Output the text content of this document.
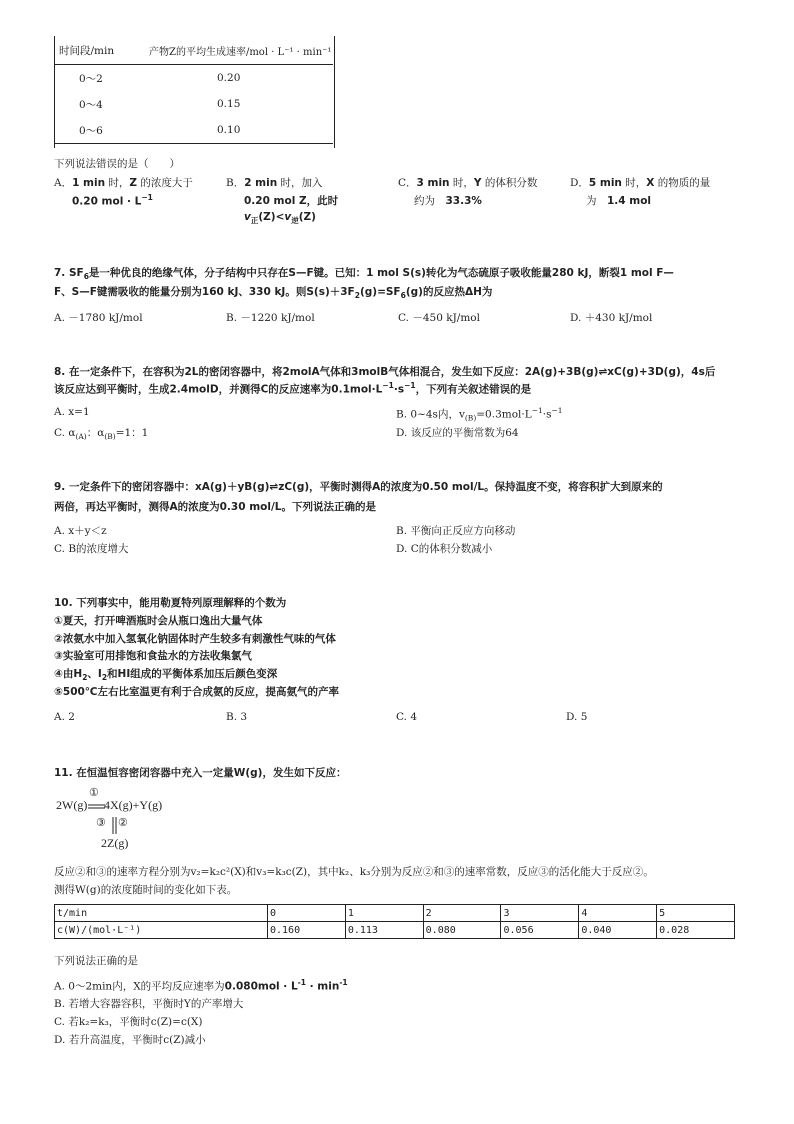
时间段/min	产物Z的平均生成速率/mol · L⁻¹ · min⁻¹
0～2	0.20
0～4	0.15
0～6	0.10
下列说法错误的是（　　）
A．1 min 时，Z 的浓度大于
0.20 mol · $L^{-1}$
B．2 min 时，加入
0.20 mol Z，此时
$v_正(Z)<v_逆(Z)$
C．3 min 时，Y 的体积分数
约为　 33.3%
D．5 min 时，X 的物质的量
为　 1.4 mol
7. $SF_6$是一种优良的绝缘气体，分子结构中只存在S—F键。已知：1 mol S(s)转化为气态硫原子吸收能量280 kJ，断裂1 mol F—
F、S—F键需吸收的能量分别为160 kJ、330 kJ。则$S(s)+3F_2(g)=SF_6(g)$的反应热ΔH为
A. －1780 kJ/mol	B. －1220 kJ/mol	C. －450 kJ/mol	D. ＋430 kJ/mol
8. 在一定条件下，在容积为2L的密闭容器中，将2molA气体和3molB气体相混合，发生如下反应：2A(g)+3B(g)⇌xC(g)+3D(g)，4s后
该反应达到平衡时，生成2.4molD，并测得C的反应速率为$0.1mol\cdot L^{-1}\cdot s^{-1}$，下列有关叙述错误的是
A. x=1	B. 0~4s内，$v_{(B)}=0.3mol\cdot L^{-1}\cdot s^{-1}$
C. $\alpha_{(A)}$：$\alpha_{(B)}=1$：1	D. 该反应的平衡常数为64
9. 一定条件下的密闭容器中：xA(g)＋yB(g)⇌zC(g)，平衡时测得A的浓度为0.50 mol/L。保持温度不变，将容积扩大到原来的
两倍，再达平衡时，测得A的浓度为0.30 mol/L。下列说法正确的是
A. x＋y＜z	B. 平衡向正反应方向移动
C. B的浓度增大	D. C的体积分数减小
10. 下列事实中，能用勒夏特列原理解释的个数为
①夏天，打开啤酒瓶时会从瓶口逸出大量气体
②浓氨水中加入氢氧化钠固体时产生较多有刺激性气味的气体
③实验室可用排饱和食盐水的方法收集氯气
④由$H_2$、$I_2$和HI组成的平衡体系加压后颜色变深
⑤500℃左右比室温更有利于合成氨的反应，提高氨气的产率
A. 2	B. 3	C. 4	D. 5
11. 在恒温恒容密闭容器中充入一定量W(g)，发生如下反应：
2W(g)
①
4X(g)+Y(g)
③ ②
2Z(g)
反应②和③的速率方程分别为v₂=k₂c²(X)和v₃=k₃c(Z)，其中k₂、k₃分别为反应②和③的速率常数，反应③的活化能大于反应②。
测得W(g)的浓度随时间的变化如下表。
t/min	0	1	2	3	4	5
c(W)/(mol·L⁻¹)	0.160	0.113	0.080	0.056	0.040	0.028
下列说法正确的是
A. 0～2min内，X的平均反应速率为$0.080mol \cdot L^{-1} \cdot \min^{-1}$
B. 若增大容器容积，平衡时Y的产率增大
C. 若k₂=k₃，平衡时c(Z)=c(X)
D. 若升高温度，平衡时c(Z)减小
